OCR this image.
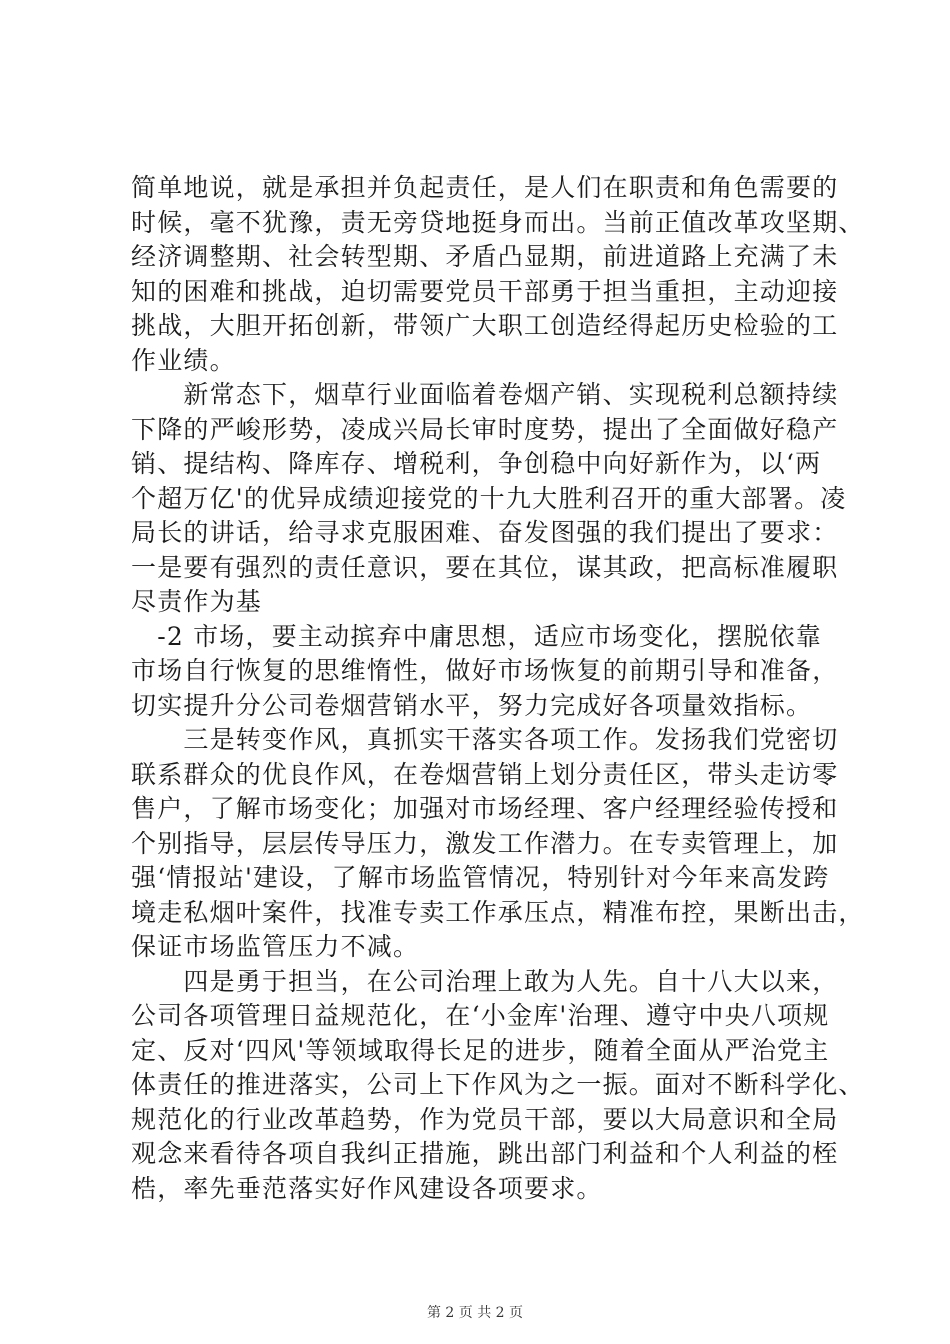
简单地说，就是承担并负起责任，是人们在职责和角色需要的
时候，毫不犹豫，责无旁贷地挺身而出。当前正值改革攻坚期、
经济调整期、社会转型期、矛盾凸显期，前进道路上充满了未
知的困难和挑战，迫切需要党员干部勇于担当重担，主动迎接
挑战，大胆开拓创新，带领广大职工创造经得起历史检验的工
作业绩。
　　新常态下，烟草行业面临着卷烟产销、实现税利总额持续
下降的严峻形势，凌成兴局长审时度势，提出了全面做好稳产
销、提结构、降库存、增税利，争创稳中向好新作为，以‘两
个超万亿'的优异成绩迎接党的十九大胜利召开的重大部署。凌
局长的讲话，给寻求克服困难、奋发图强的我们提出了要求：
一是要有强烈的责任意识，要在其位，谋其政，把高标准履职
尽责作为基
　-2 市场，要主动摈弃中庸思想，适应市场变化，摆脱依靠
市场自行恢复的思维惰性，做好市场恢复的前期引导和准备，
切实提升分公司卷烟营销水平，努力完成好各项量效指标。
　　三是转变作风，真抓实干落实各项工作。发扬我们党密切
联系群众的优良作风，在卷烟营销上划分责任区，带头走访零
售户，了解市场变化；加强对市场经理、客户经理经验传授和
个别指导，层层传导压力，激发工作潜力。在专卖管理上，加
强‘情报站'建设，了解市场监管情况，特别针对今年来高发跨
境走私烟叶案件，找准专卖工作承压点，精准布控，果断出击，
保证市场监管压力不减。
　　四是勇于担当，在公司治理上敢为人先。自十八大以来，
公司各项管理日益规范化，在‘小金库'治理、遵守中央八项规
定、反对‘四风'等领域取得长足的进步，随着全面从严治党主
体责任的推进落实，公司上下作风为之一振。面对不断科学化、
规范化的行业改革趋势，作为党员干部，要以大局意识和全局
观念来看待各项自我纠正措施，跳出部门利益和个人利益的桎
梏，率先垂范落实好作风建设各项要求。
第 2 页 共 2 页
